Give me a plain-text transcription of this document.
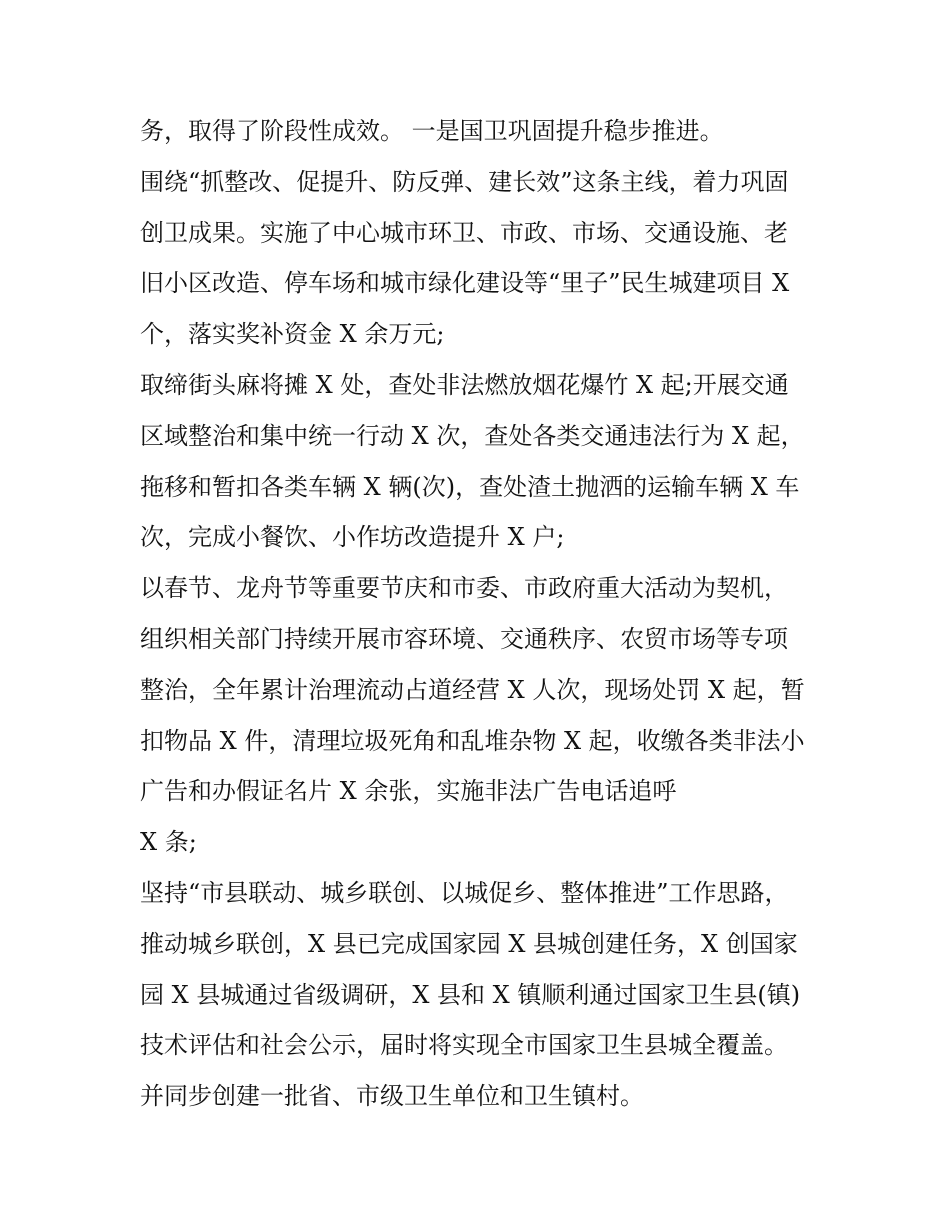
务，取得了阶段性成效。 一是国卫巩固提升稳步推进。
围绕“抓整改、促提升、防反弹、建长效”这条主线，着力巩固
创卫成果。实施了中心城市环卫、市政、市场、交通设施、老
旧小区改造、停车场和城市绿化建设等“里子”民生城建项目 X
个，落实奖补资金 X 余万元;
取缔街头麻将摊 X 处，查处非法燃放烟花爆竹 X 起;开展交通
区域整治和集中统一行动 X 次，查处各类交通违法行为 X 起，
拖移和暂扣各类车辆 X 辆(次)，查处渣土抛洒的运输车辆 X 车
次，完成小餐饮、小作坊改造提升 X 户;
以春节、龙舟节等重要节庆和市委、市政府重大活动为契机，
组织相关部门持续开展市容环境、交通秩序、农贸市场等专项
整治，全年累计治理流动占道经营 X 人次，现场处罚 X 起，暂
扣物品 X 件，清理垃圾死角和乱堆杂物 X 起，收缴各类非法小
广告和办假证名片 X 余张，实施非法广告电话追呼
X 条;
坚持“市县联动、城乡联创、以城促乡、整体推进”工作思路，
推动城乡联创，X 县已完成国家园 X 县城创建任务，X 创国家
园 X 县城通过省级调研，X 县和 X 镇顺利通过国家卫生县(镇)
技术评估和社会公示，届时将实现全市国家卫生县城全覆盖。
并同步创建一批省、市级卫生单位和卫生镇村。
